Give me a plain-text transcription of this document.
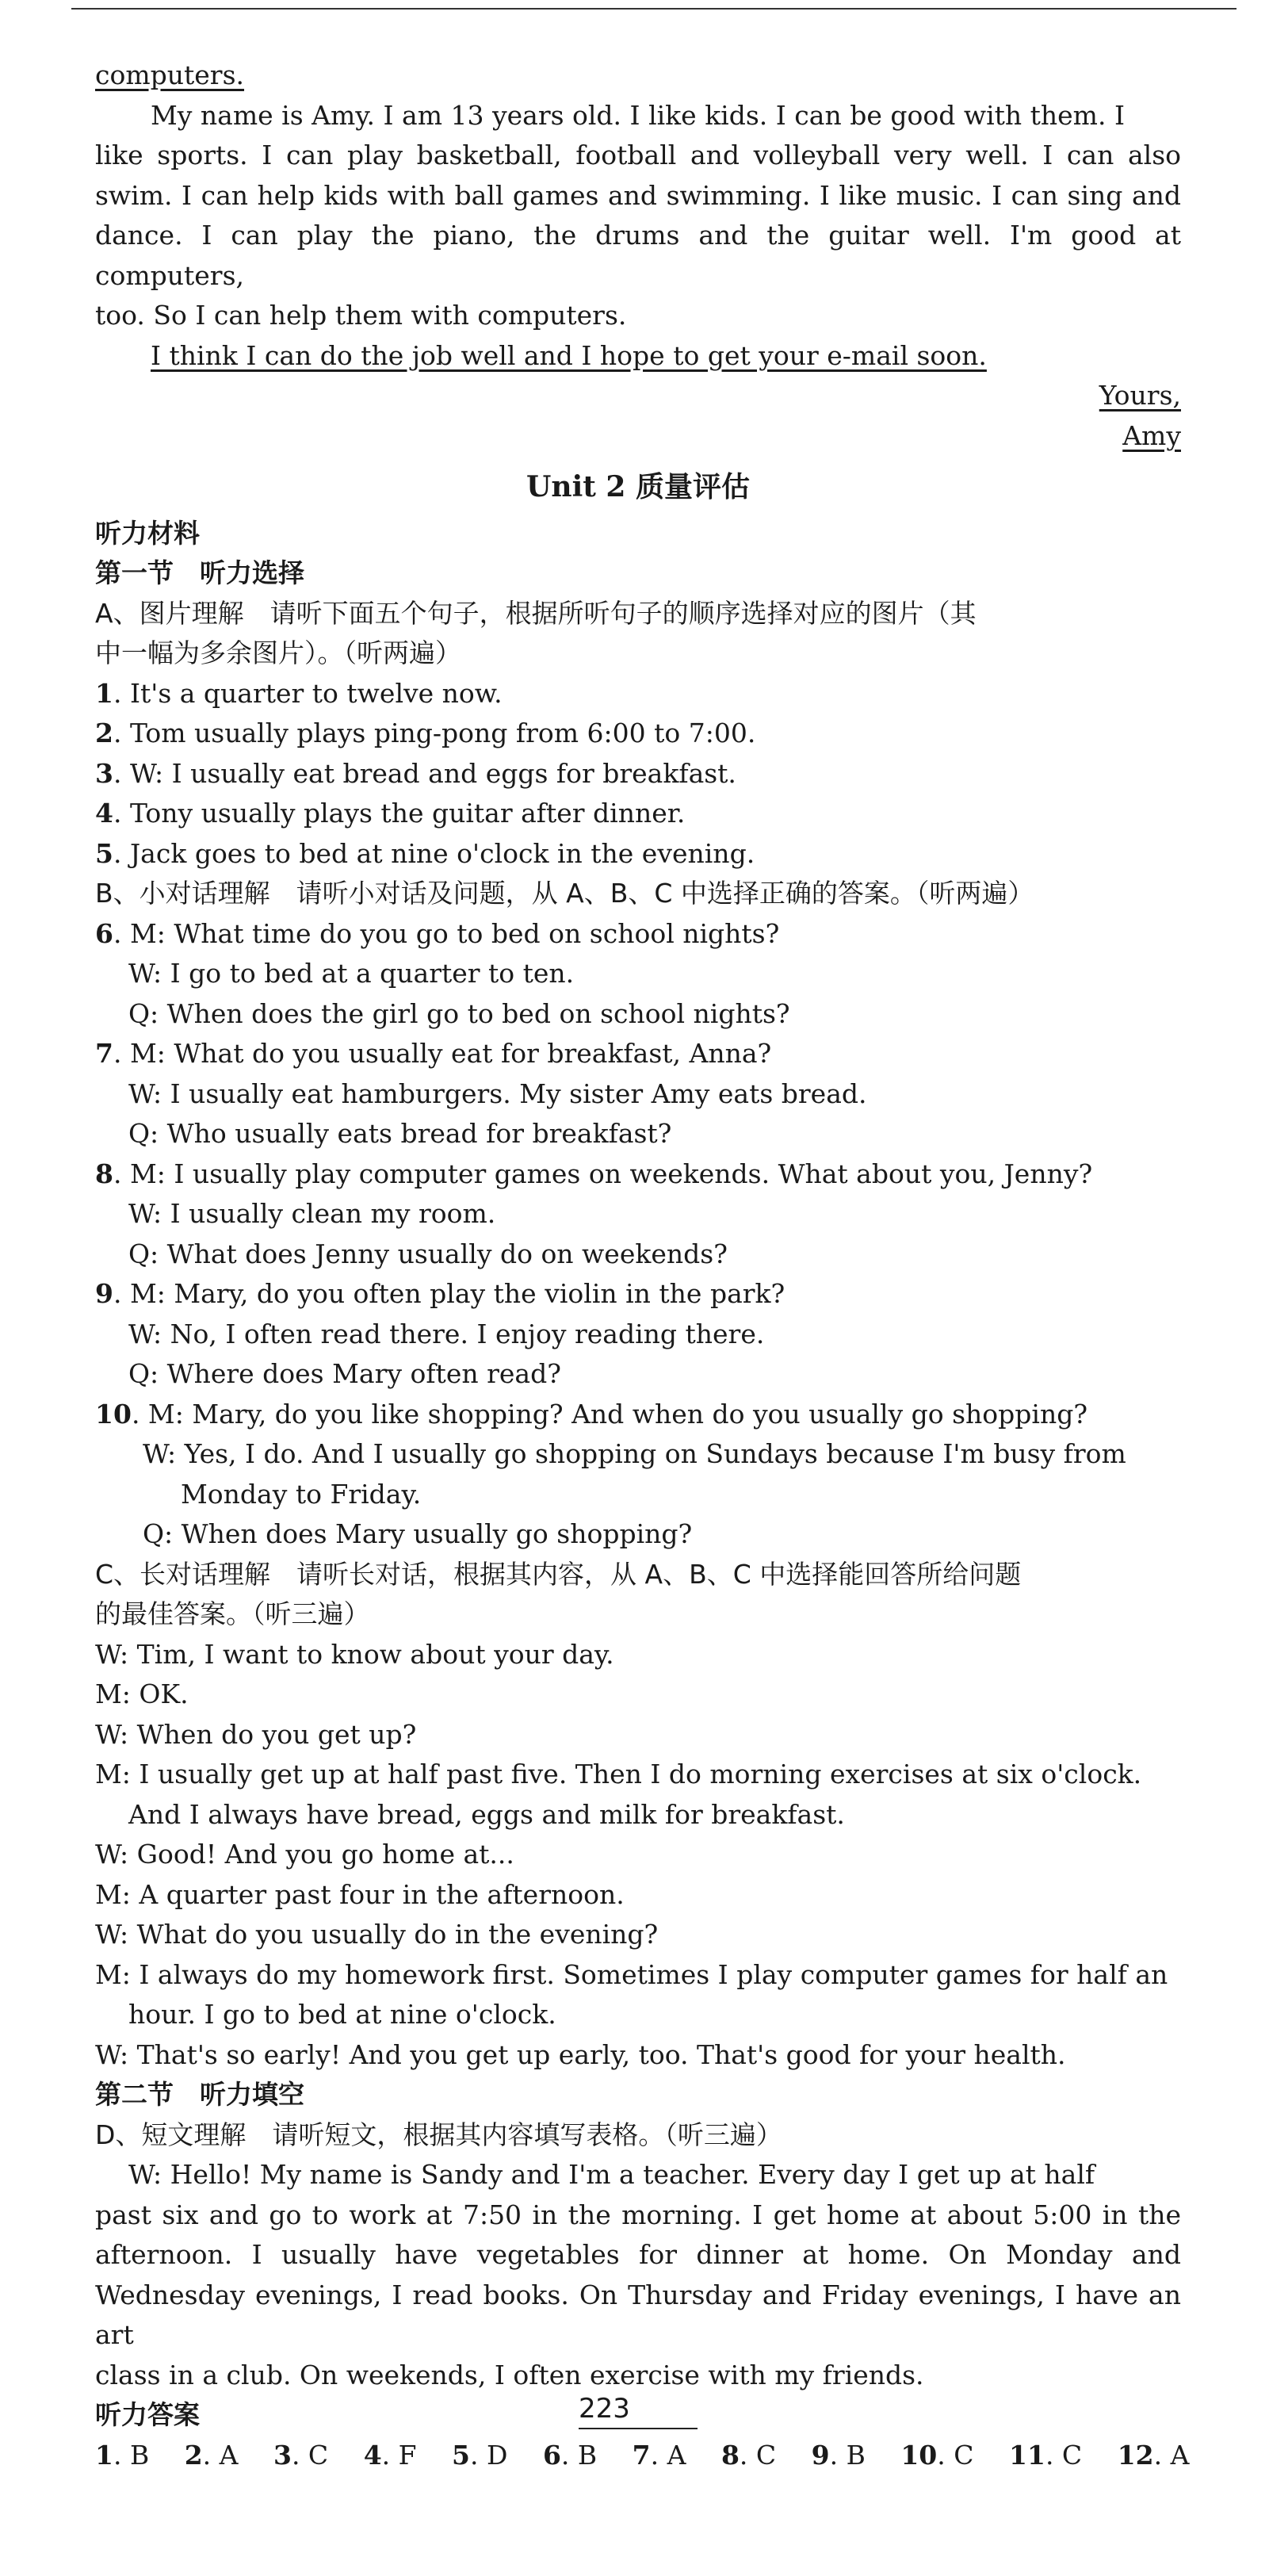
computers.

My name is Amy. I am 13 years old. I like kids. I can be good with them. I

like sports. I can play basketball, football and volleyball very well. I can also

swim. I can help kids with ball games and swimming. I like music. I can sing and

dance. I can play the piano, the drums and the guitar well. I'm good at computers,

too. So I can help them with computers.

I think I can do the job well and I hope to get your e-mail soon.

Yours,

Amy

Unit 2 质量评估

听力材料

第一节　听力选择

A、图片理解　请听下面五个句子，根据所听句子的顺序选择对应的图片（其

中一幅为多余图片）。（听两遍）

1. It's a quarter to twelve now.

2. Tom usually plays ping-pong from 6:00 to 7:00.

3. W: I usually eat bread and eggs for breakfast.

4. Tony usually plays the guitar after dinner.

5. Jack goes to bed at nine o'clock in the evening.

B、小对话理解　请听小对话及问题，从 A、B、C 中选择正确的答案。（听两遍）

6. M: What time do you go to bed on school nights?

W: I go to bed at a quarter to ten.

Q: When does the girl go to bed on school nights?

7. M: What do you usually eat for breakfast, Anna?

W: I usually eat hamburgers. My sister Amy eats bread.

Q: Who usually eats bread for breakfast?

8. M: I usually play computer games on weekends. What about you, Jenny?

W: I usually clean my room.

Q: What does Jenny usually do on weekends?

9. M: Mary, do you often play the violin in the park?

W: No, I often read there. I enjoy reading there.

Q: Where does Mary often read?

10. M: Mary, do you like shopping? And when do you usually go shopping?

W: Yes, I do. And I usually go shopping on Sundays because I'm busy from

Monday to Friday.

Q: When does Mary usually go shopping?

C、长对话理解　请听长对话，根据其内容，从 A、B、C 中选择能回答所给问题

的最佳答案。（听三遍）

W: Tim, I want to know about your day.

M: OK.

W: When do you get up?

M: I usually get up at half past five. Then I do morning exercises at six o'clock.

And I always have bread, eggs and milk for breakfast.

W: Good! And you go home at...

M: A quarter past four in the afternoon.

W: What do you usually do in the evening?

M: I always do my homework first. Sometimes I play computer games for half an

hour. I go to bed at nine o'clock.

W: That's so early! And you get up early, too. That's good for your health.

第二节　听力填空

D、短文理解　请听短文，根据其内容填写表格。（听三遍）

W: Hello! My name is Sandy and I'm a teacher. Every day I get up at half

past six and go to work at 7:50 in the morning. I get home at about 5:00 in the

afternoon. I usually have vegetables for dinner at home. On Monday and

Wednesday evenings, I read books. On Thursday and Friday evenings, I have an art

class in a club. On weekends, I often exercise with my friends.

听力答案

1. B 2. A 3. C 4. F 5. D 6. B 7. A 8. C 9. B 10. C 11. C 12. A

223
